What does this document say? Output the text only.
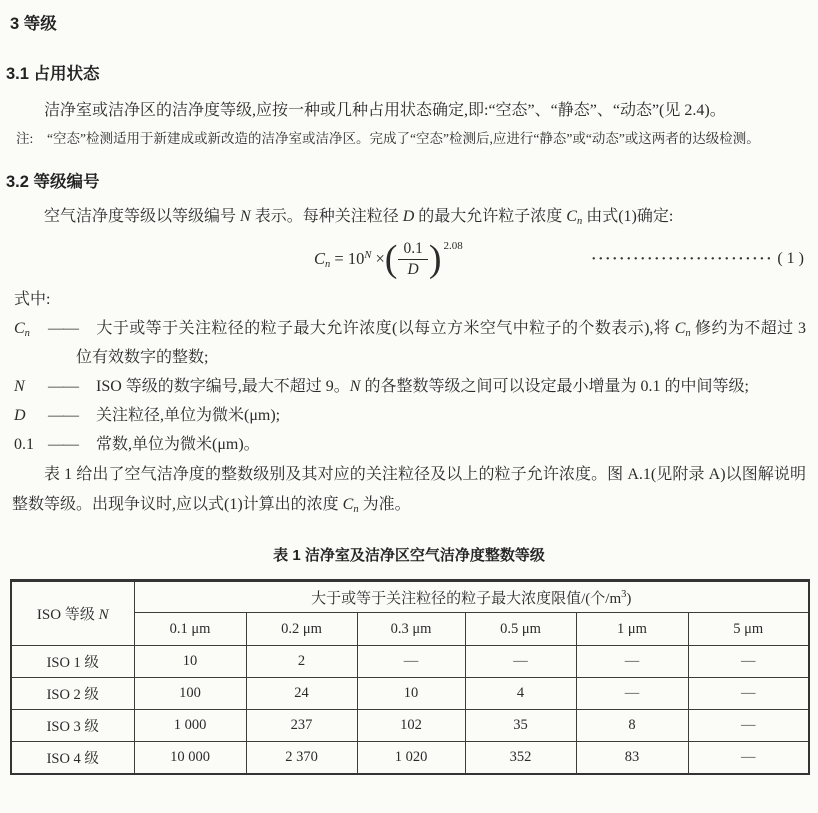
3 等级
3.1 占用状态

洁净室或洁净区的洁净度等级,应按一种或几种占用状态确定,即:“空态”、“静态”、“动态”(见 2.4)。

注: “空态”检测适用于新建成或新改造的洁净室或洁净区。完成了“空态”检测后,应进行“静态”或“动态”或这两者的达级检测。
3.2 等级编号

空气洁净度等级以等级编号 N 表示。每种关注粒径 D 的最大允许粒子浓度 $C_n$ 由式(1)确定:

$C_n = 10^N$ × ( $\frac{0.1}{D}$ ) 2.08
·························· ( 1 )
式中:
$C_n$ —— 大于或等于关注粒径的粒子最大允许浓度(以每立方米空气中粒子的个数表示),将 $C_n$ 修约为不超过 3 位有效数字的整数;
N —— ISO 等级的数字编号,最大不超过 9。N 的各整数等级之间可以设定最小增量为 0.1 的中间等级;
D —— 关注粒径,单位为微米(μm);
0.1 —— 常数,单位为微米(μm)。

表 1 给出了空气洁净度的整数级别及其对应的关注粒径及以上的粒子允许浓度。图 A.1(见附录 A)以图解说明整数等级。出现争议时,应以式(1)计算出的浓度 $C_n$ 为准。

表 1 洁净室及洁净区空气洁净度整数等级
ISO 等级 N	大于或等于关注粒径的粒子最大浓度限值/(个$/m^3$)					
	0.1 μm	0.2 μm	0.3 μm	0.5 μm	1 μm	5 μm
ISO 1 级	10	2	—	—	—	—
ISO 2 级	100	24	10	4	—	—
ISO 3 级	1 000	237	102	35	8	—
ISO 4 级	10 000	2 370	1 020	352	83	—
